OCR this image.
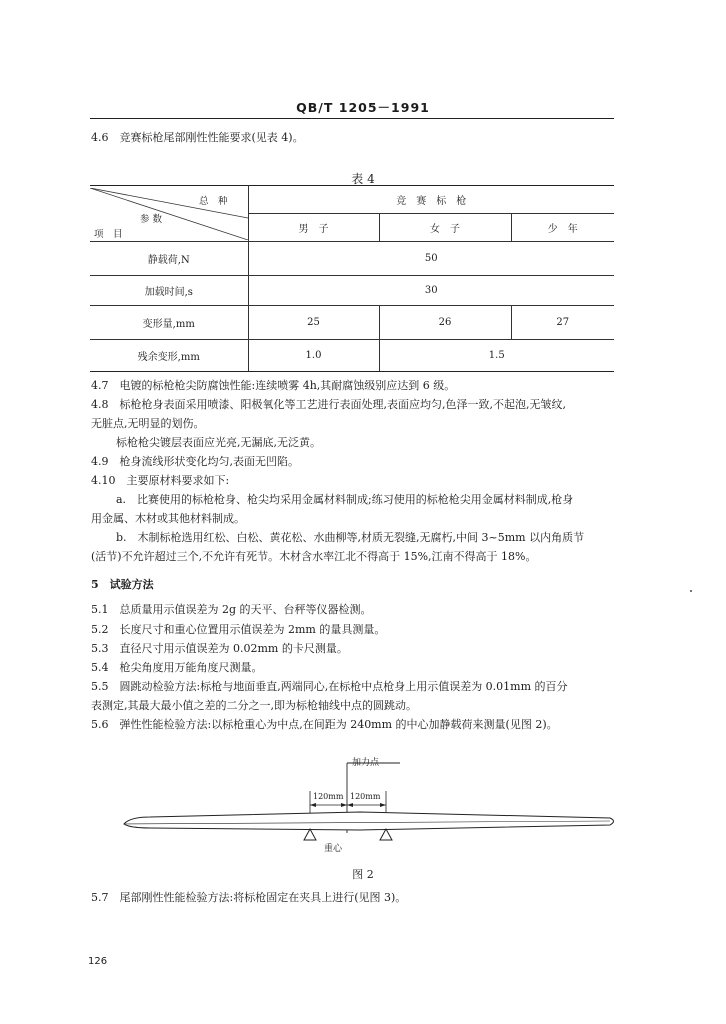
QB/T 1205－1991
4.6　竞赛标枪尾部刚性性能要求(见表 4)。
表 4
总　种
参 数
项　目	竞　赛　标　枪		
	男　子	女　子	少　年
静载荷,N	50		
加载时间,s	30		
变形量,mm	25	26	27
残余变形,mm	1.0	1.5	
4.7　电镀的标枪枪尖防腐蚀性能:连续喷雾 4h,其耐腐蚀级别应达到 6 级。
4.8　标枪枪身表面采用喷漆、阳极氧化等工艺进行表面处理,表面应均匀,色泽一致,不起泡,无皱纹,
无脏点,无明显的划伤。
标枪枪尖镀层表面应光亮,无漏底,无泛黄。
4.9　枪身流线形状变化均匀,表面无凹陷。
4.10　主要原材料要求如下:
a.　比赛使用的标枪枪身、枪尖均采用金属材料制成;练习使用的标枪枪尖用金属材料制成,枪身
用金属、木材或其他材料制成。
b.　木制标枪选用红松、白松、黄花松、水曲柳等,材质无裂缝,无腐朽,中间 3~5mm 以内角质节
(活节)不允许超过三个,不允许有死节。木材含水率江北不得高于 15%,江南不得高于 18%。
5　试验方法
5.1　总质量用示值误差为 2g 的天平、台秤等仪器检测。
5.2　长度尺寸和重心位置用示值误差为 2mm 的量具测量。
5.3　直径尺寸用示值误差为 0.02mm 的卡尺测量。
5.4　枪尖角度用万能角度尺测量。
5.5　圆跳动检验方法:标枪与地面垂直,两端同心,在标枪中点枪身上用示值误差为 0.01mm 的百分
表测定,其最大最小值之差的二分之一,即为标枪轴线中点的圆跳动。
5.6　弹性性能检验方法:以标枪重心为中点,在间距为 240mm 的中心加静载荷来测量(见图 2)。
加力点
120mm 120mm
重心
图 2
5.7　尾部刚性性能检验方法:将标枪固定在夹具上进行(见图 3)。
126
